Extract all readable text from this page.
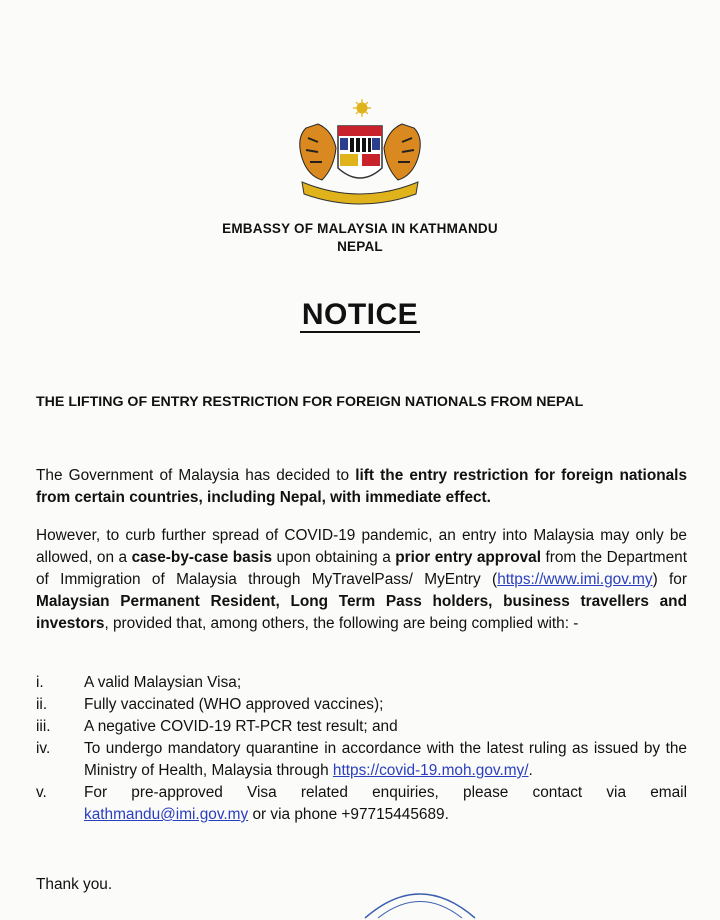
EMBASSY OF MALAYSIA IN KATHMANDU
NEPAL
NOTICE
THE LIFTING OF ENTRY RESTRICTION FOR FOREIGN NATIONALS FROM NEPAL
The Government of Malaysia has decided to lift the entry restriction for foreign nationals from certain countries, including Nepal, with immediate effect.
However, to curb further spread of COVID-19 pandemic, an entry into Malaysia may only be allowed, on a case-by-case basis upon obtaining a prior entry approval from the Department of Immigration of Malaysia through MyTravelPass/ MyEntry (https://www.imi.gov.my) for Malaysian Permanent Resident, Long Term Pass holders, business travellers and investors, provided that, among others, the following are being complied with: -
i.	A valid Malaysian Visa;
ii.	Fully vaccinated (WHO approved vaccines);
iii.	A negative COVID-19 RT-PCR test result; and
iv.	To undergo mandatory quarantine in accordance with the latest ruling as issued by the Ministry of Health, Malaysia through https://covid-19.moh.gov.my/.
v.	For pre-approved Visa related enquiries, please contact via email kathmandu@imi.gov.my or via phone +97715445689.
Thank you.
